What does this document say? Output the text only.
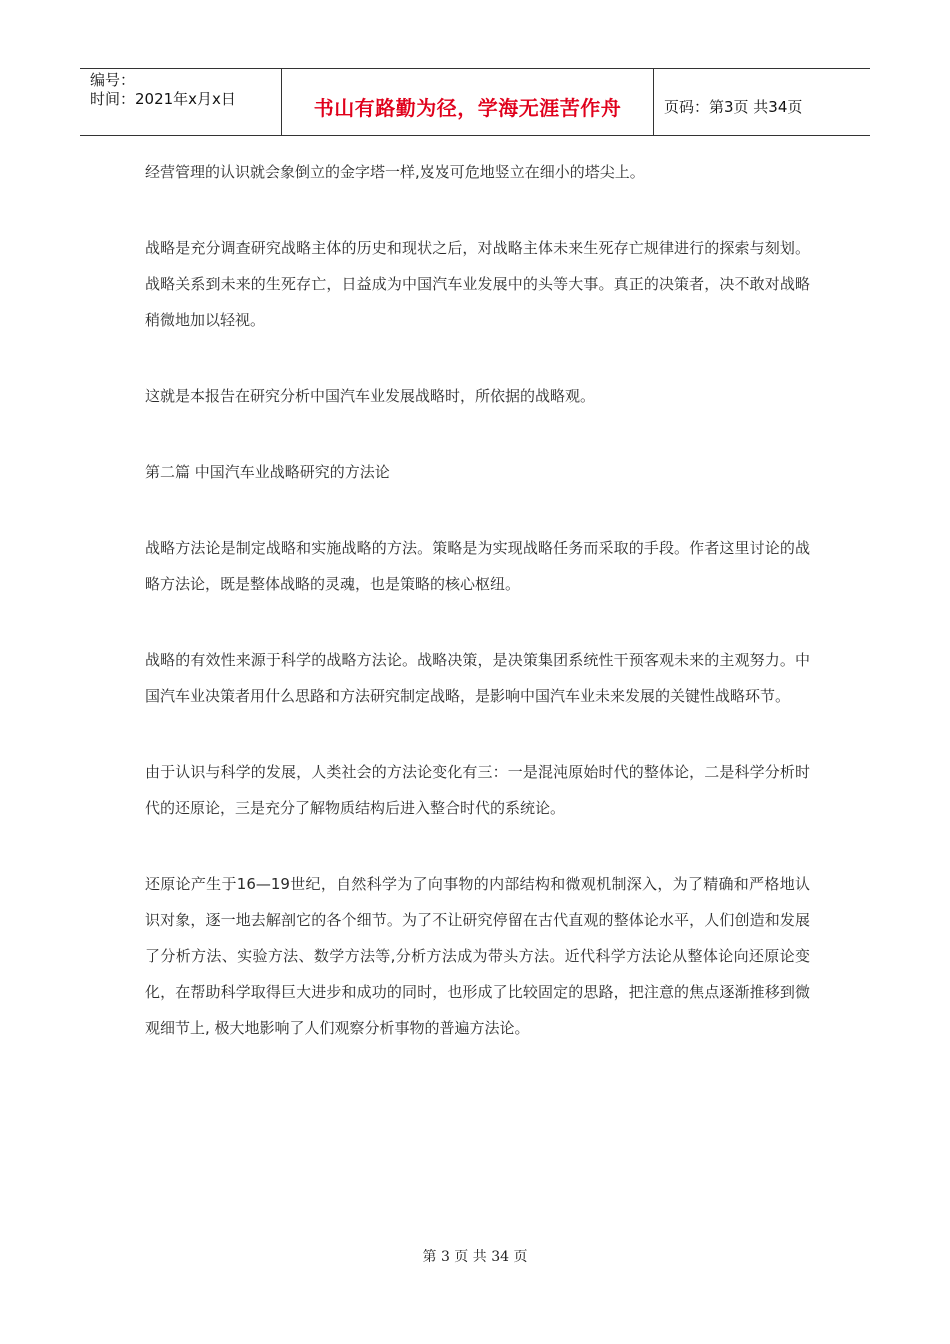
编号：
时间：2021年x月x日	书山有路勤为径，学海无涯苦作舟	页码：第3页 共34页

经营管理的认识就会象倒立的金字塔一样,岌岌可危地竖立在细小的塔尖上。

战略是充分调查研究战略主体的历史和现状之后，对战略主体未来生死存亡规律进行的探索与刻划。战略关系到未来的生死存亡，日益成为中国汽车业发展中的头等大事。真正的决策者，决不敢对战略稍微地加以轻视。

这就是本报告在研究分析中国汽车业发展战略时，所依据的战略观。

第二篇 中国汽车业战略研究的方法论

战略方法论是制定战略和实施战略的方法。策略是为实现战略任务而采取的手段。作者这里讨论的战略方法论，既是整体战略的灵魂，也是策略的核心枢纽。

战略的有效性来源于科学的战略方法论。战略决策，是决策集团系统性干预客观未来的主观努力。中国汽车业决策者用什么思路和方法研究制定战略，是影响中国汽车业未来发展的关键性战略环节。

由于认识与科学的发展，人类社会的方法论变化有三：一是混沌原始时代的整体论，二是科学分析时代的还原论，三是充分了解物质结构后进入整合时代的系统论。

还原论产生于16—19世纪，自然科学为了向事物的内部结构和微观机制深入，为了精确和严格地认识对象，逐一地去解剖它的各个细节。为了不让研究停留在古代直观的整体论水平，人们创造和发展了分析方法、实验方法、数学方法等,分析方法成为带头方法。近代科学方法论从整体论向还原论变化，在帮助科学取得巨大进步和成功的同时，也形成了比较固定的思路，把注意的焦点逐渐推移到微观细节上, 极大地影响了人们观察分析事物的普遍方法论。

第 3 页 共 34 页
